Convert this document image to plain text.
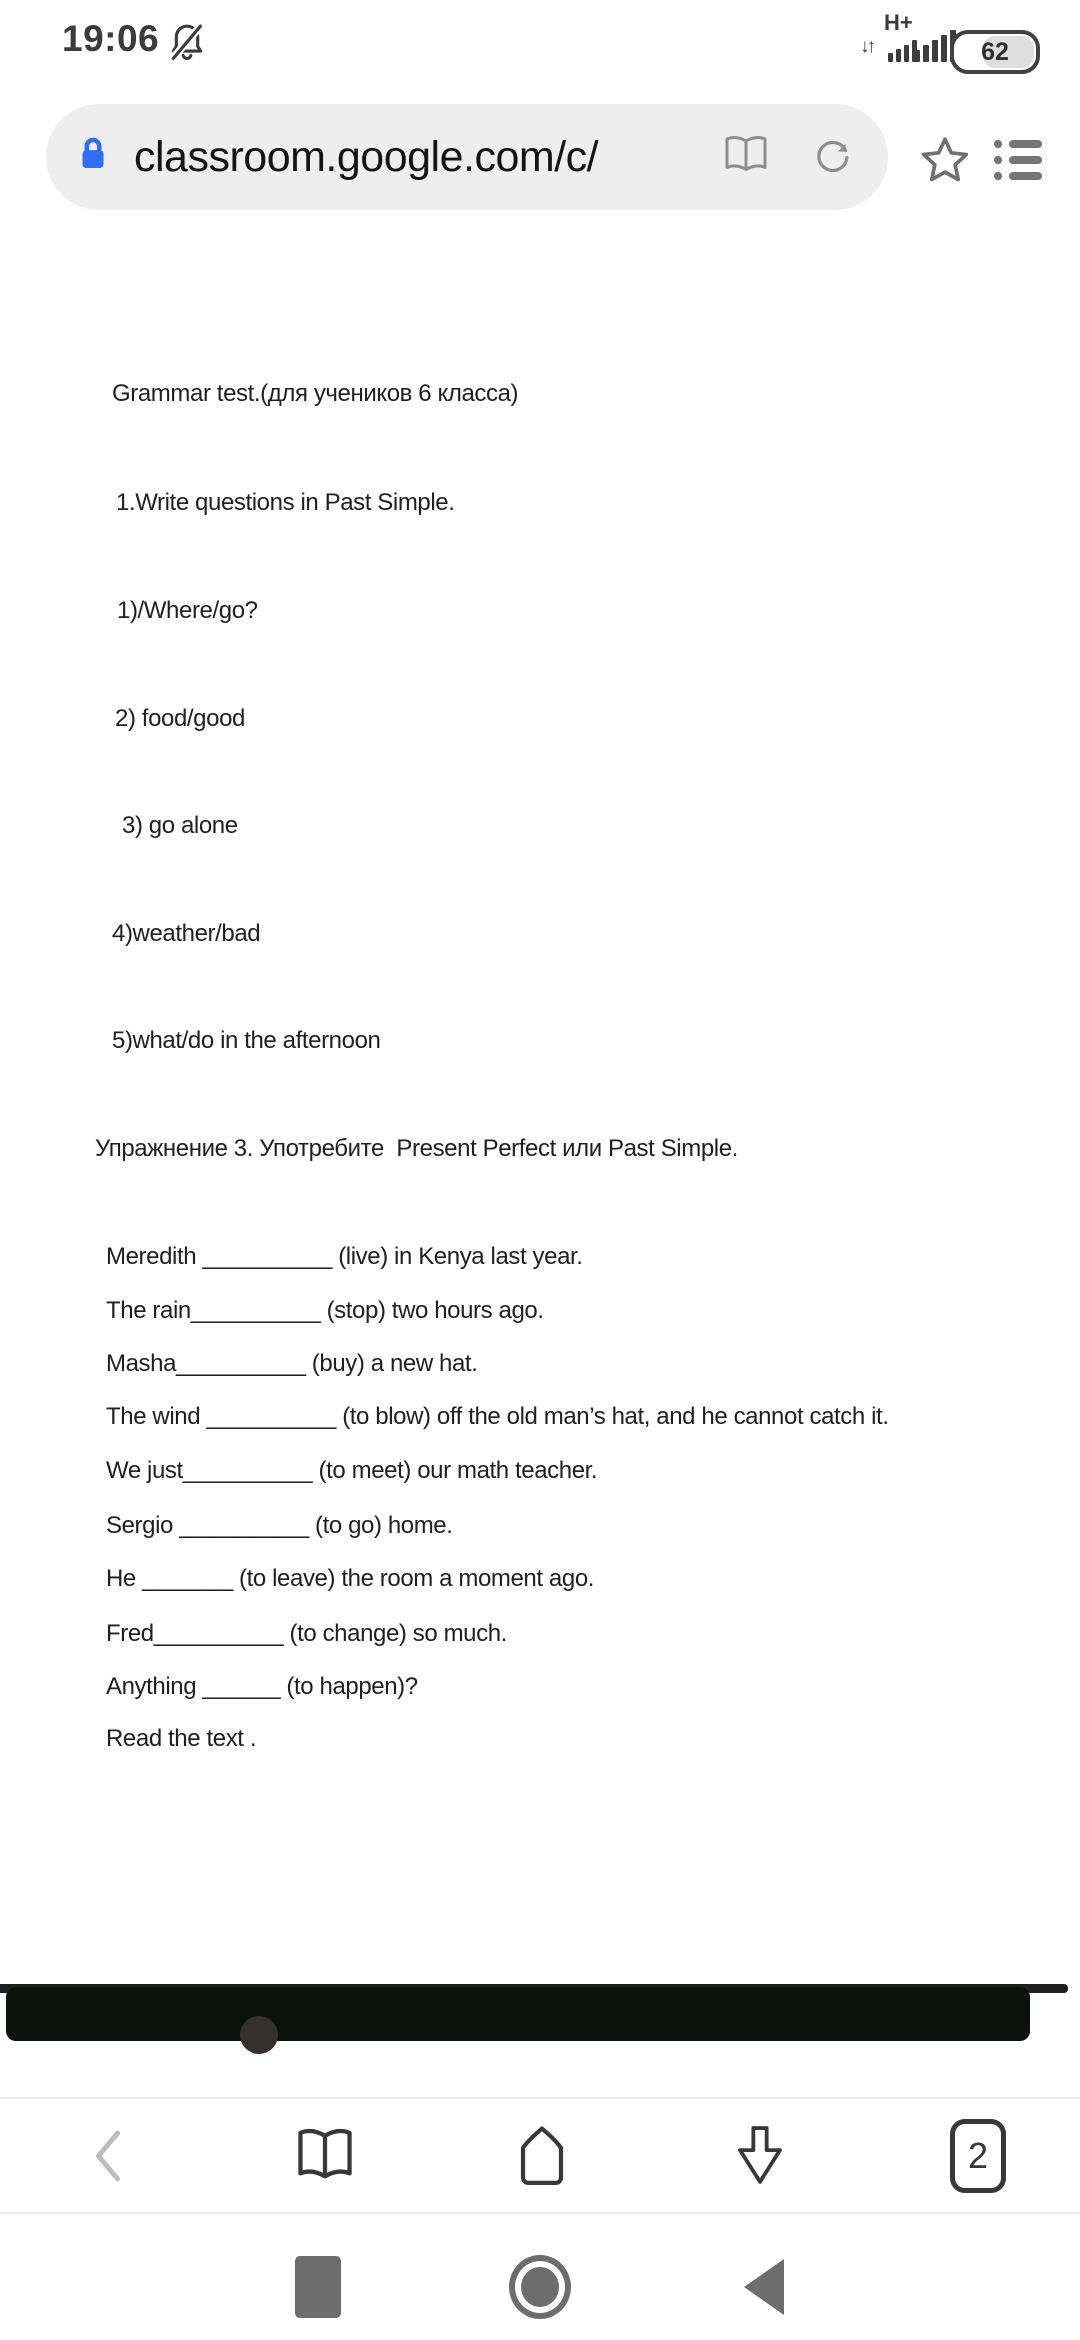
19:06	H+
↓↑	62
classroom.google.com/c/
Grammar test.(для учеников 6 класса)
1.Write questions in Past Simple.
1)/Where/go?
2) food/good
3) go alone
4)weather/bad
5)what/do in the afternoon
Упражнение 3. Употребите  Present Perfect или Past Simple.
Meredith __________ (live) in Kenya last year.
The rain__________ (stop) two hours ago.
Masha__________ (buy) a new hat.
The wind __________ (to blow) off the old man’s hat, and he cannot catch it.
We just__________ (to meet) our math teacher.
Sergio __________ (to go) home.
He _______ (to leave) the room a moment ago.
Fred__________ (to change) so much.
Anything ______ (to happen)?
Read the text .
2
